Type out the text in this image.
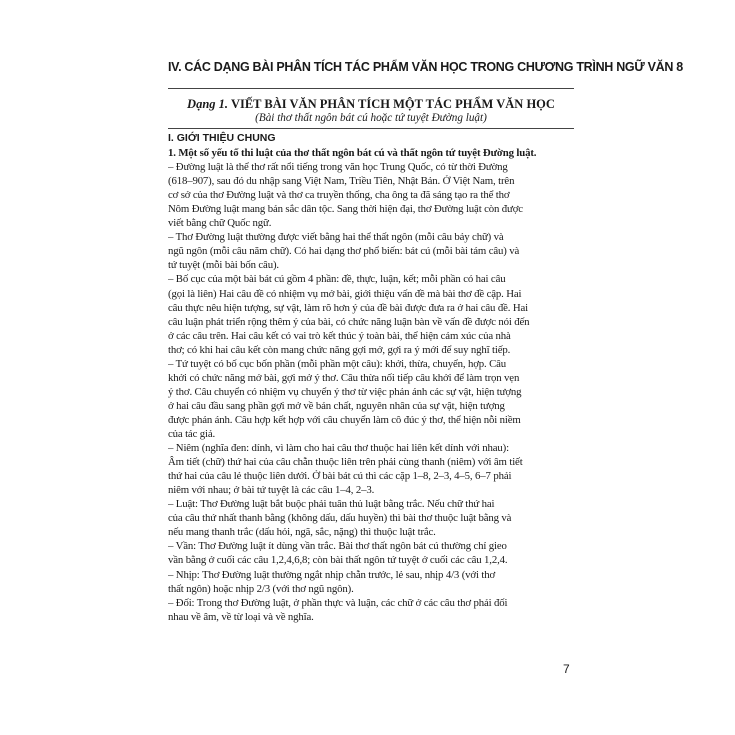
IV. CÁC DẠNG BÀI PHÂN TÍCH TÁC PHẨM VĂN HỌC TRONG CHƯƠNG TRÌNH NGỮ VĂN 8
Dạng 1. VIẾT BÀI VĂN PHÂN TÍCH MỘT TÁC PHẨM VĂN HỌC
(Bài thơ thất ngôn bát cú hoặc tứ tuyệt Đường luật)
I. GIỚI THIỆU CHUNG
1. Một số yếu tố thi luật của thơ thất ngôn bát cú và thất ngôn tứ tuyệt Đường luật.
– Đường luật là thể thơ rất nổi tiếng trong văn học Trung Quốc, có từ thời Đường
(618–907), sau đó du nhập sang Việt Nam, Triều Tiên, Nhật Bản. Ở Việt Nam, trên
cơ sở của thơ Đường luật và thơ ca truyền thống, cha ông ta đã sáng tạo ra thể thơ
Nôm Đường luật mang bản sắc dân tộc. Sang thời hiện đại, thơ Đường luật còn được
viết bằng chữ Quốc ngữ.
– Thơ Đường luật thường được viết bằng hai thể thất ngôn (mỗi câu bảy chữ) và
ngũ ngôn (mỗi câu năm chữ). Có hai dạng thơ phổ biến: bát cú (mỗi bài tám câu) và
tứ tuyệt (mỗi bài bốn câu).
– Bố cục của một bài bát cú gồm 4 phần: đề, thực, luận, kết; mỗi phần có hai câu
(gọi là liên) Hai câu đề có nhiệm vụ mở bài, giới thiệu vấn đề mà bài thơ đề cập. Hai
câu thực nêu hiện tượng, sự vật, làm rõ hơn ý của đề bài được đưa ra ở hai câu đề. Hai
câu luận phát triển rộng thêm ý của bài, có chức năng luận bàn về vấn đề được nói đến
ở các câu trên. Hai câu kết có vai trò kết thúc ý toàn bài, thể hiện cảm xúc của nhà
thơ; có khi hai câu kết còn mang chức năng gợi mở, gợi ra ý mới để suy nghĩ tiếp.
– Tứ tuyệt có bố cục bốn phần (mỗi phần một câu): khởi, thừa, chuyển, hợp. Câu
khởi có chức năng mở bài, gợi mở ý thơ. Câu thừa nối tiếp câu khởi để làm trọn vẹn
ý thơ. Câu chuyển có nhiệm vụ chuyển ý thơ từ việc phản ánh các sự vật, hiện tượng
ở hai câu đầu sang phần gợi mở về bản chất, nguyên nhân của sự vật, hiện tượng
được phản ánh. Câu hợp kết hợp với câu chuyển làm cô đúc ý thơ, thể hiện nỗi niềm
của tác giả.
– Niêm (nghĩa đen: dính, vì làm cho hai câu thơ thuộc hai liên kết dính với nhau):
Âm tiết (chữ) thứ hai của câu chẵn thuộc liên trên phải cùng thanh (niêm) với âm tiết
thứ hai của câu lẻ thuộc liên dưới. Ở bài bát cú thì các cặp 1–8, 2–3, 4–5, 6–7 phải
niêm với nhau; ở bài tứ tuyệt là các câu 1–4, 2–3.
– Luật: Thơ Đường luật bắt buộc phải tuân thủ luật bằng trắc. Nếu chữ thứ hai
của câu thứ nhất thanh bằng (không dấu, dấu huyền) thì bài thơ thuộc luật bằng và
nếu mang thanh trắc (dấu hỏi, ngã, sắc, nặng) thì thuộc luật trắc.
– Vần: Thơ Đường luật ít dùng vần trắc. Bài thơ thất ngôn bát cú thường chỉ gieo
vần bằng ở cuối các câu 1,2,4,6,8; còn bài thất ngôn tứ tuyệt ở cuối các câu 1,2,4.
– Nhịp: Thơ Đường luật thường ngắt nhịp chẵn trước, lẻ sau, nhịp 4/3 (với thơ
thất ngôn) hoặc nhịp 2/3 (với thơ ngũ ngôn).
– Đối: Trong thơ Đường luật, ở phần thực và luận, các chữ ở các câu thơ phải đối
nhau về âm, về từ loại và về nghĩa.
7
